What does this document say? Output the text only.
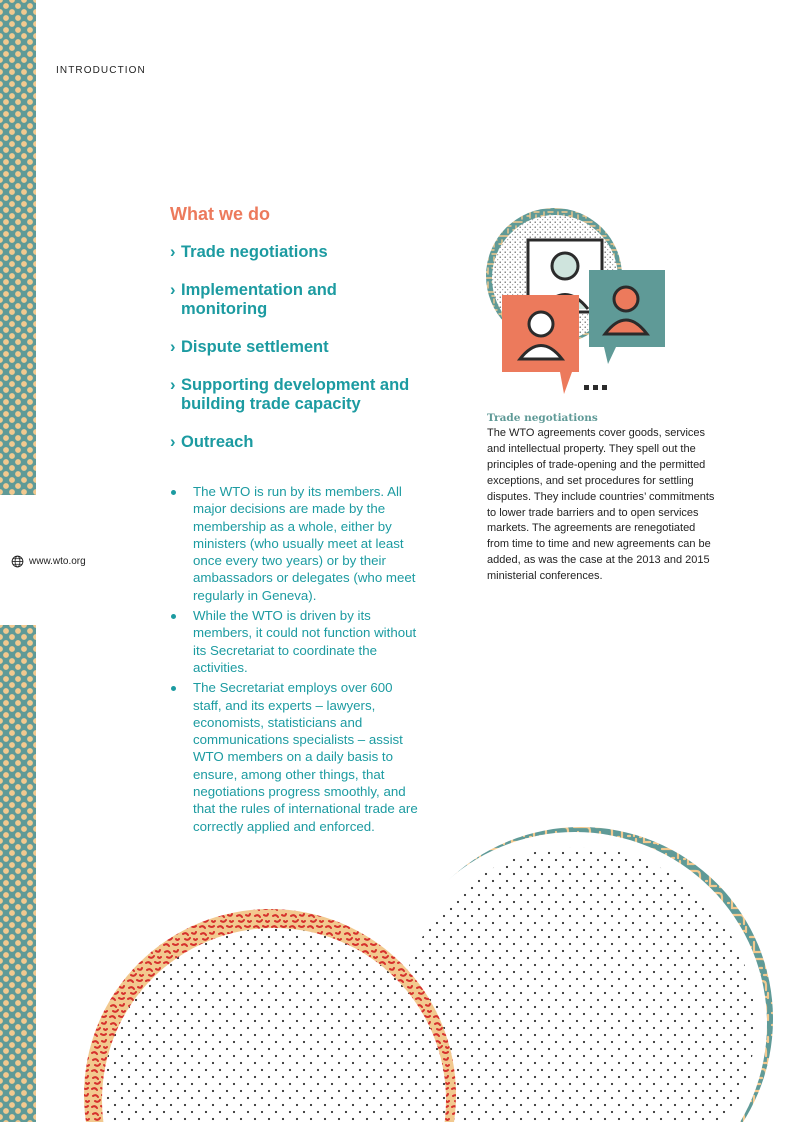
INTRODUCTION
www.wto.org
What we do
› Trade negotiations
› Implementation and monitoring
› Dispute settlement
› Supporting development and building trade capacity
› Outreach
The WTO is run by its members. All major decisions are made by the membership as a whole, either by ministers (who usually meet at least once every two years) or by their ambassadors or delegates (who meet regularly in Geneva).
While the WTO is driven by its members, it could not function without its Secretariat to coordinate the activities.
The Secretariat employs over 600 staff, and its experts – lawyers, economists, statisticians and communications specialists – assist WTO members on a daily basis to ensure, among other things, that negotiations progress smoothly, and that the rules of international trade are correctly applied and enforced.
Trade negotiations

The WTO agreements cover goods, services and intellectual property. They spell out the principles of trade-opening and the permitted exceptions, and set procedures for settling disputes. They include countries’ commitments to lower trade barriers and to open services markets. The agreements are renegotiated from time to time and new agreements can be added, as was the case at the 2013 and 2015 ministerial conferences.
